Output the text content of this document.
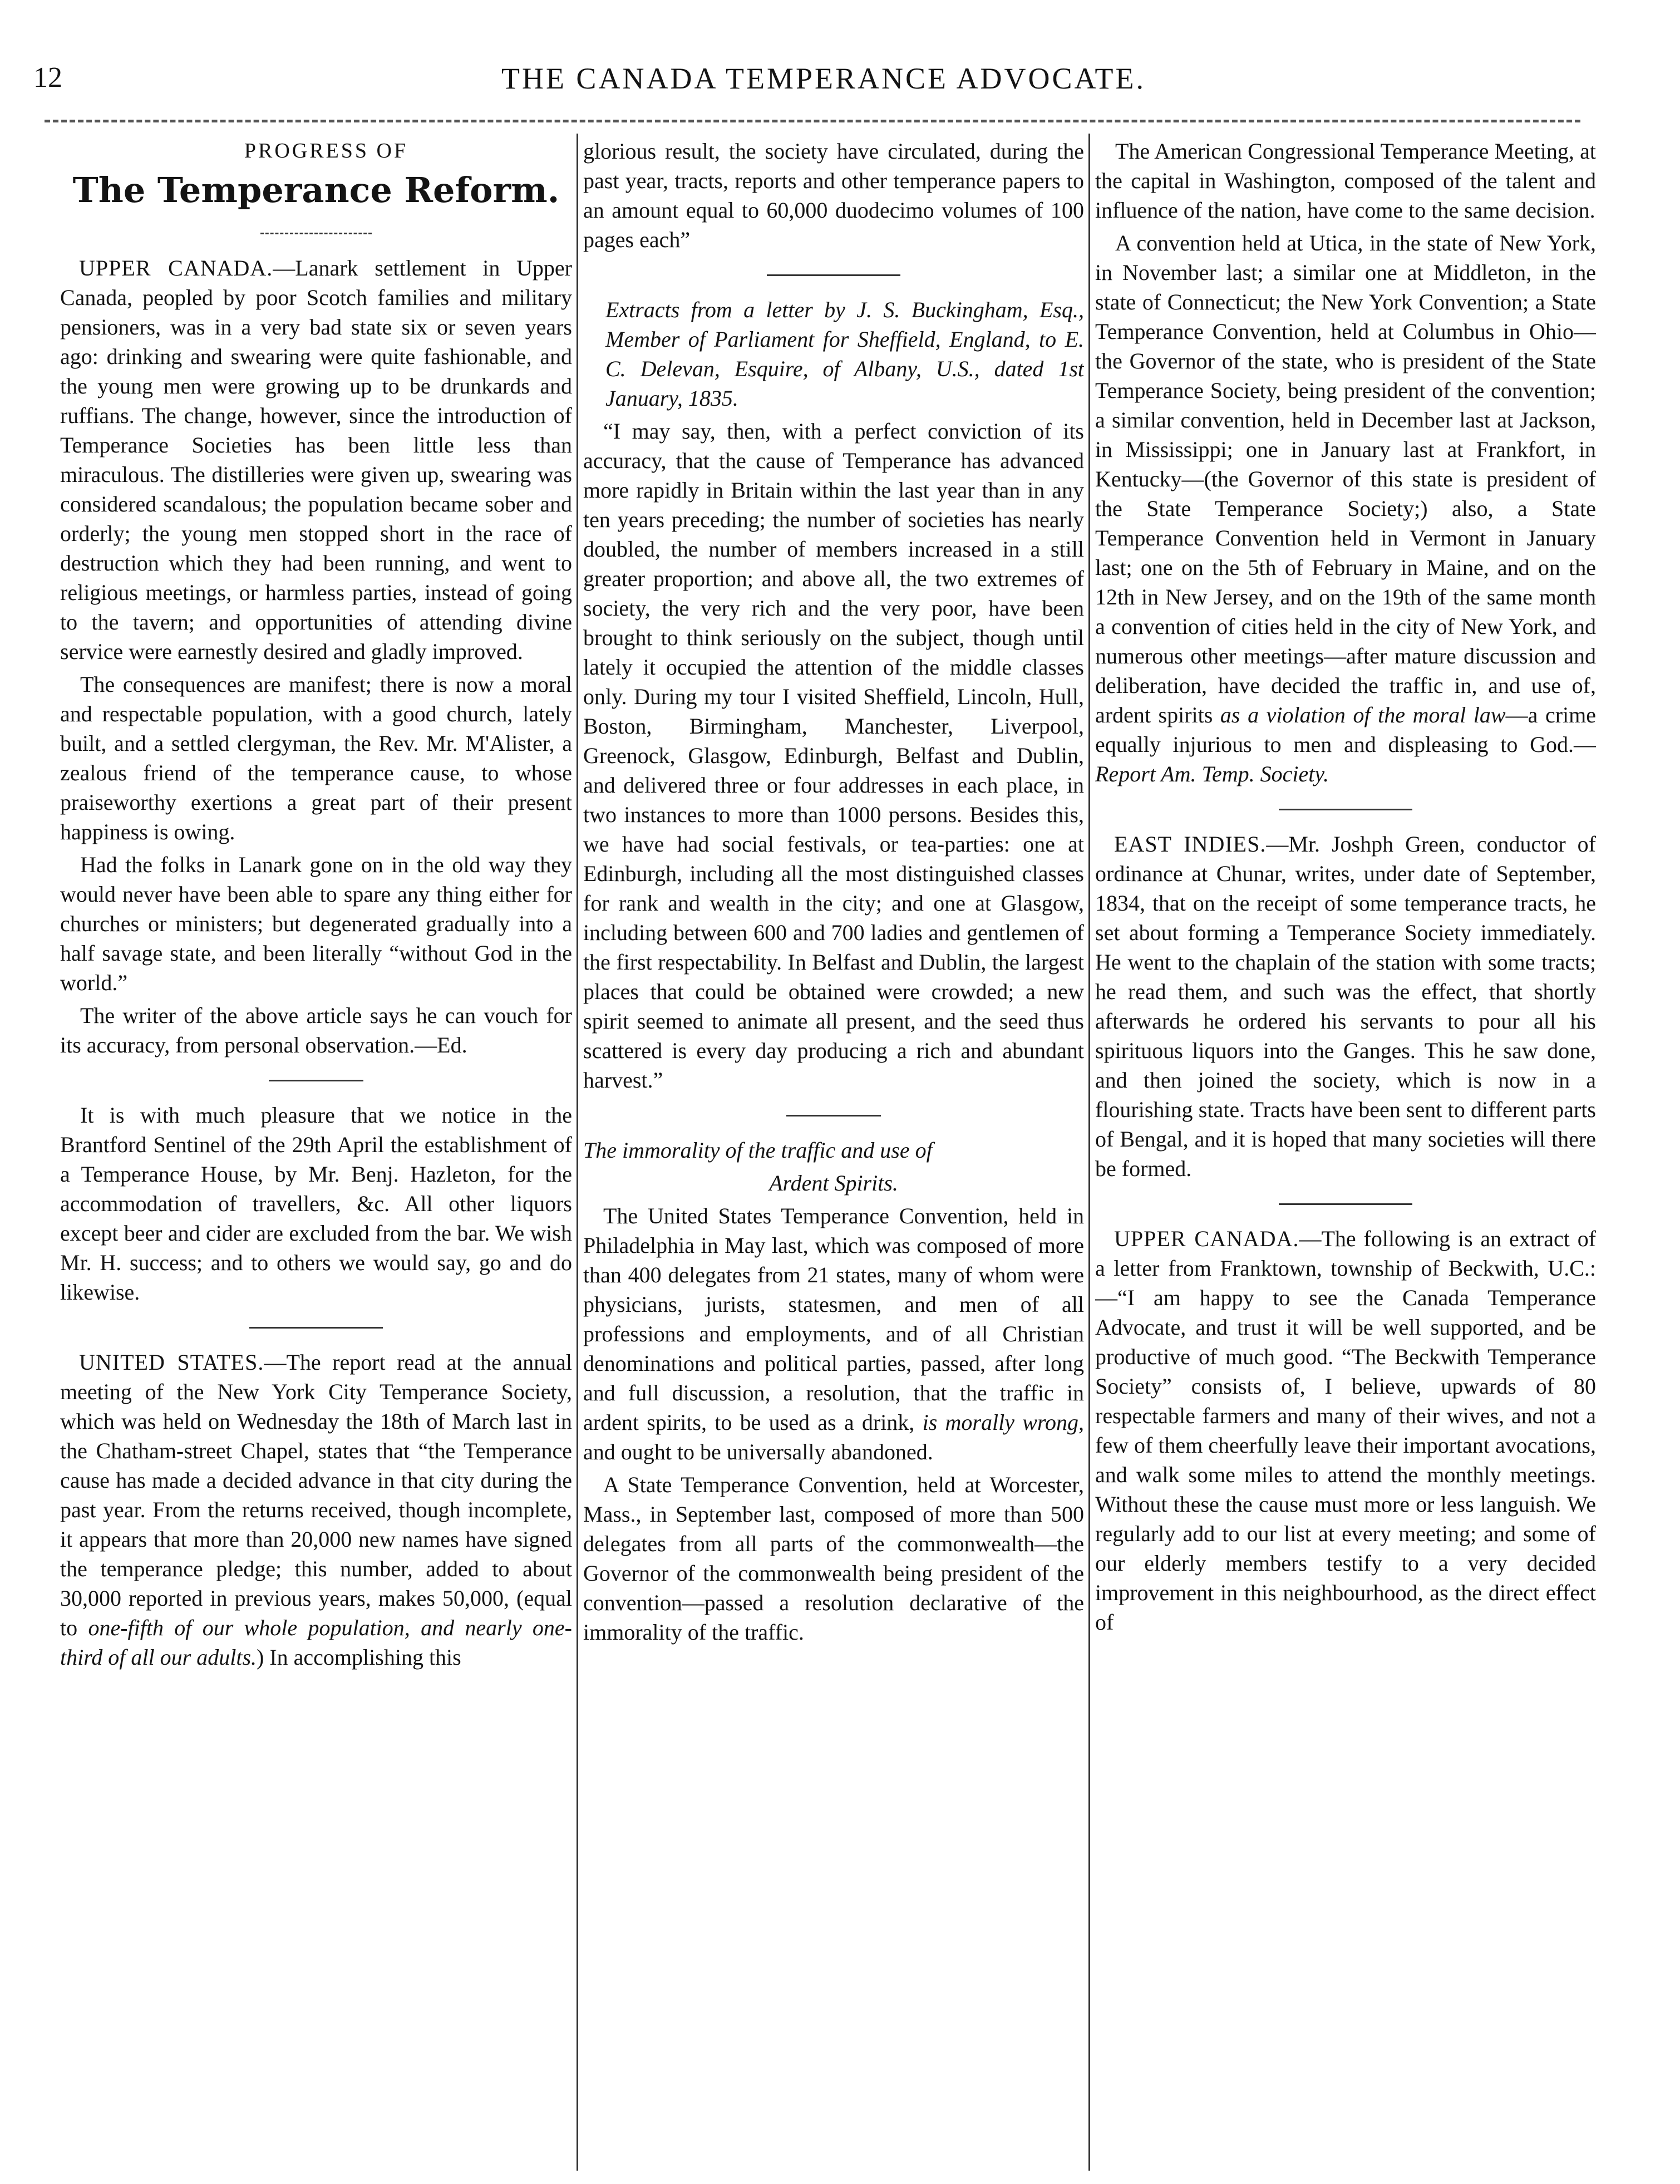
12	THE CANADA TEMPERANCE ADVOCATE.

PROGRESS OF

The Temperance Reform.

UPPER CANADA.—Lanark settlement in Upper Canada, peopled by poor Scotch families and military pensioners, was in a very bad state six or seven years ago: drinking and swearing were quite fashionable, and the young men were growing up to be drunkards and ruffians. The change, however, since the introduction of Temperance Societies has been little less than miraculous. The distilleries were given up, swearing was considered scandalous; the population became sober and orderly; the young men stopped short in the race of destruction which they had been running, and went to religious meetings, or harmless parties, instead of going to the tavern; and opportunities of attending divine service were earnestly desired and gladly improved.

The consequences are manifest; there is now a moral and respectable population, with a good church, lately built, and a settled clergyman, the Rev. Mr. M'Alister, a zealous friend of the temperance cause, to whose praiseworthy exertions a great part of their present happiness is owing.

Had the folks in Lanark gone on in the old way they would never have been able to spare any thing either for churches or ministers; but degenerated gradually into a half savage state, and been literally “without God in the world.”

The writer of the above article says he can vouch for its accuracy, from personal observation.—Ed.

It is with much pleasure that we notice in the Brantford Sentinel of the 29th April the establishment of a Temperance House, by Mr. Benj. Hazleton, for the accommodation of travellers, &c. All other liquors except beer and cider are excluded from the bar. We wish Mr. H. success; and to others we would say, go and do likewise.

UNITED STATES.—The report read at the annual meeting of the New York City Temperance Society, which was held on Wednesday the 18th of March last in the Chatham-street Chapel, states that “the Temperance cause has made a decided advance in that city during the past year. From the returns received, though incomplete, it appears that more than 20,000 new names have signed the temperance pledge; this number, added to about 30,000 reported in previous years, makes 50,000, (equal to one-fifth of our whole population, and nearly one-third of all our adults.) In accomplishing this

glorious result, the society have circulated, during the past year, tracts, reports and other temperance papers to an amount equal to 60,000 duodecimo volumes of 100 pages each”

Extracts from a letter by J. S. Buckingham, Esq., Member of Parliament for Sheffield, England, to E. C. Delevan, Esquire, of Albany, U.S., dated 1st January, 1835.

“I may say, then, with a perfect conviction of its accuracy, that the cause of Temperance has advanced more rapidly in Britain within the last year than in any ten years preceding; the number of societies has nearly doubled, the number of members increased in a still greater proportion; and above all, the two extremes of society, the very rich and the very poor, have been brought to think seriously on the subject, though until lately it occupied the attention of the middle classes only. During my tour I visited Sheffield, Lincoln, Hull, Boston, Birmingham, Manchester, Liverpool, Greenock, Glasgow, Edinburgh, Belfast and Dublin, and delivered three or four addresses in each place, in two instances to more than 1000 persons. Besides this, we have had social festivals, or tea-parties: one at Edinburgh, including all the most distinguished classes for rank and wealth in the city; and one at Glasgow, including between 600 and 700 ladies and gentlemen of the first respectability. In Belfast and Dublin, the largest places that could be obtained were crowded; a new spirit seemed to animate all present, and the seed thus scattered is every day producing a rich and abundant harvest.”

The immorality of the traffic and use of

Ardent Spirits.

The United States Temperance Convention, held in Philadelphia in May last, which was composed of more than 400 delegates from 21 states, many of whom were physicians, jurists, statesmen, and men of all professions and employments, and of all Christian denominations and political parties, passed, after long and full discussion, a resolution, that the traffic in ardent spirits, to be used as a drink, is morally wrong, and ought to be universally abandoned.

A State Temperance Convention, held at Worcester, Mass., in September last, composed of more than 500 delegates from all parts of the commonwealth—the Governor of the commonwealth being president of the convention—passed a resolution declarative of the immorality of the traffic.

The American Congressional Temperance Meeting, at the capital in Washington, composed of the talent and influence of the nation, have come to the same decision.

A convention held at Utica, in the state of New York, in November last; a similar one at Middleton, in the state of Connecticut; the New York Convention; a State Temperance Convention, held at Columbus in Ohio—the Governor of the state, who is president of the State Temperance Society, being president of the convention; a similar convention, held in December last at Jackson, in Mississippi; one in January last at Frankfort, in Kentucky—(the Governor of this state is president of the State Temperance Society;) also, a State Temperance Convention held in Vermont in January last; one on the 5th of February in Maine, and on the 12th in New Jersey, and on the 19th of the same month a convention of cities held in the city of New York, and numerous other meetings—after mature discussion and deliberation, have decided the traffic in, and use of, ardent spirits as a violation of the moral law—a crime equally injurious to men and displeasing to God.—Report Am. Temp. Society.

EAST INDIES.—Mr. Joshph Green, conductor of ordinance at Chunar, writes, under date of September, 1834, that on the receipt of some temperance tracts, he set about forming a Temperance Society immediately. He went to the chaplain of the station with some tracts; he read them, and such was the effect, that shortly afterwards he ordered his servants to pour all his spirituous liquors into the Ganges. This he saw done, and then joined the society, which is now in a flourishing state. Tracts have been sent to different parts of Bengal, and it is hoped that many societies will there be formed.

UPPER CANADA.—The following is an extract of a letter from Franktown, township of Beckwith, U.C.:—“I am happy to see the Canada Temperance Advocate, and trust it will be well supported, and be productive of much good. “The Beckwith Temperance Society” consists of, I believe, upwards of 80 respectable farmers and many of their wives, and not a few of them cheerfully leave their important avocations, and walk some miles to attend the monthly meetings. Without these the cause must more or less languish. We regularly add to our list at every meeting; and some of our elderly members testify to a very decided improvement in this neighbourhood, as the direct effect of
